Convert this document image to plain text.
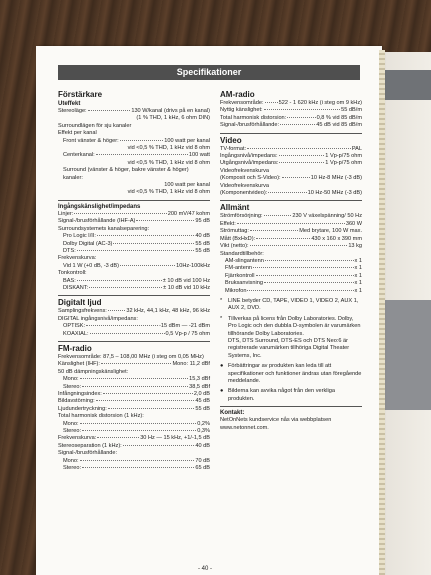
Specifikationer
Förstärkare
Uteffekt
Stereoläge:	130 W/kanal (drivs på en kanal)
(1 % THD, 1 kHz, 6 ohm DIN)
Surroundlägen för sju kanaler
Effekt per kanal
Front vänster & höger:	100 watt per kanal
vid <0,5 % THD, 1 kHz vid 8 ohm
Centerkanal:	100 watt
vid <0,5 % THD, 1 kHz vid 8 ohm
Surround (vänster & höger, bakre vänster & höger) kanaler:
100 watt per kanal
vid <0,5 % THD, 1 kHz vid 8 ohm
Ingångskänslighet/impedans
Linjer:	200 mV/47 kohm
Signal-/brusförhållande (IHF-A)	95 dB
Surroundsystemets kanalseparering:
Pro Logic I/II:	40 dB
Dolby Digital (AC-3)	55 dB
DTS:	55 dB
Frekvenskurva:
Vid 1 W (+0 dB, -3 dB)	10Hz-100kHz
Tonkontroll:
BAS:	± 10 dB vid 100 Hz
DISKANT:	± 10 dB vid 10 kHz
Digitalt ljud
Samplingsfrekvens:	32 kHz, 44,1 kHz, 48 kHz, 96 kHz
DIGITAL ingångsnivå/impedans:
OPTISK:	-15 dBm — -21 dBm
KOAXIAL:	0,5 Vp-p / 75 ohm
FM-radio
Frekvensområde: 87,5 – 108,00 MHz (i steg om 0,05 MHz)
Känslighet (IHF):	Mono: 11,2 dBf
50 dB dämpningskänslighet:
Mono:	15,3 dBf
Stereo:	38,5 dBf
Infångningsindex:	2,0 dB
Bildavstörning:	45 dB
Ljudundertryckning:	55 dB
Total harmonisk distorsion (1 kHz):
Mono:	0,2%
Stereo:	0,3%
Frekvenskurva:	30 Hz — 15 kHz, +1/-1,5 dB
Stereoseparation (1 kHz):	40 dB
Signal-/brusförhållande:
Mono:	70 dB
Stereo:	65 dB
AM-radio
Frekvensområde:	522 - 1 620 kHz (i steg om 9 kHz)
Nyttig känslighet:	55 dB/m
Total harmonisk distorsion:	0,8 % vid 85 dB/m
Signal-/brusförhållande:	45 dB vid 85 dB/m
Video
TV-format:	PAL
Ingångsnivå/impedans:	1 Vp-p/75 ohm
Utgångsnivå/impedans:	1 Vp-p/75 ohm
Videofrekvenskurva
(Komposit och S-Video):	10 Hz-8 MHz (-3 dB)
Videofrekvenskurva
(Komponentvideo):	10 Hz-50 MHz (-3 dB)
Allmänt
Strömförsörjning:	230 V växelspänning/ 50 Hz
Effekt:	360 W
Strömuttag:	Med brytare, 100 W max.
Mått (BxHxD):	430 x 160 x 390 mm
Vikt (netto):	13 kg
Standardtillbehör:
AM-slingantenn	x 1
FM-antenn	x 1
Fjärrkontroll	x 1
Bruksanvisning	x 1
Mikrofon	x 1
*	LINE betyder CD, TAPE, VIDEO 1, VIDEO 2, AUX 1, AUX 2, DVD.
*	Tillverkas på licens från Dolby Laboratories. Dolby, Pro Logic och den dubbla D-symbolen är varumärken tillhörande Dolby Laboratories.
DTS, DTS Surround, DTS-ES och DTS Neo:6 är registrerade varumärken tillhöriga Digital Theater Systems, Inc.
● Förbättringar av produkten kan leda till att specifikationer och funktioner ändras utan föregående meddelande.
● Bilderna kan avvika något från den verkliga produkten.
Kontakt:
NetOnNets kundservice nås via webbplatsen
www.netonnet.com.
- 40 -
